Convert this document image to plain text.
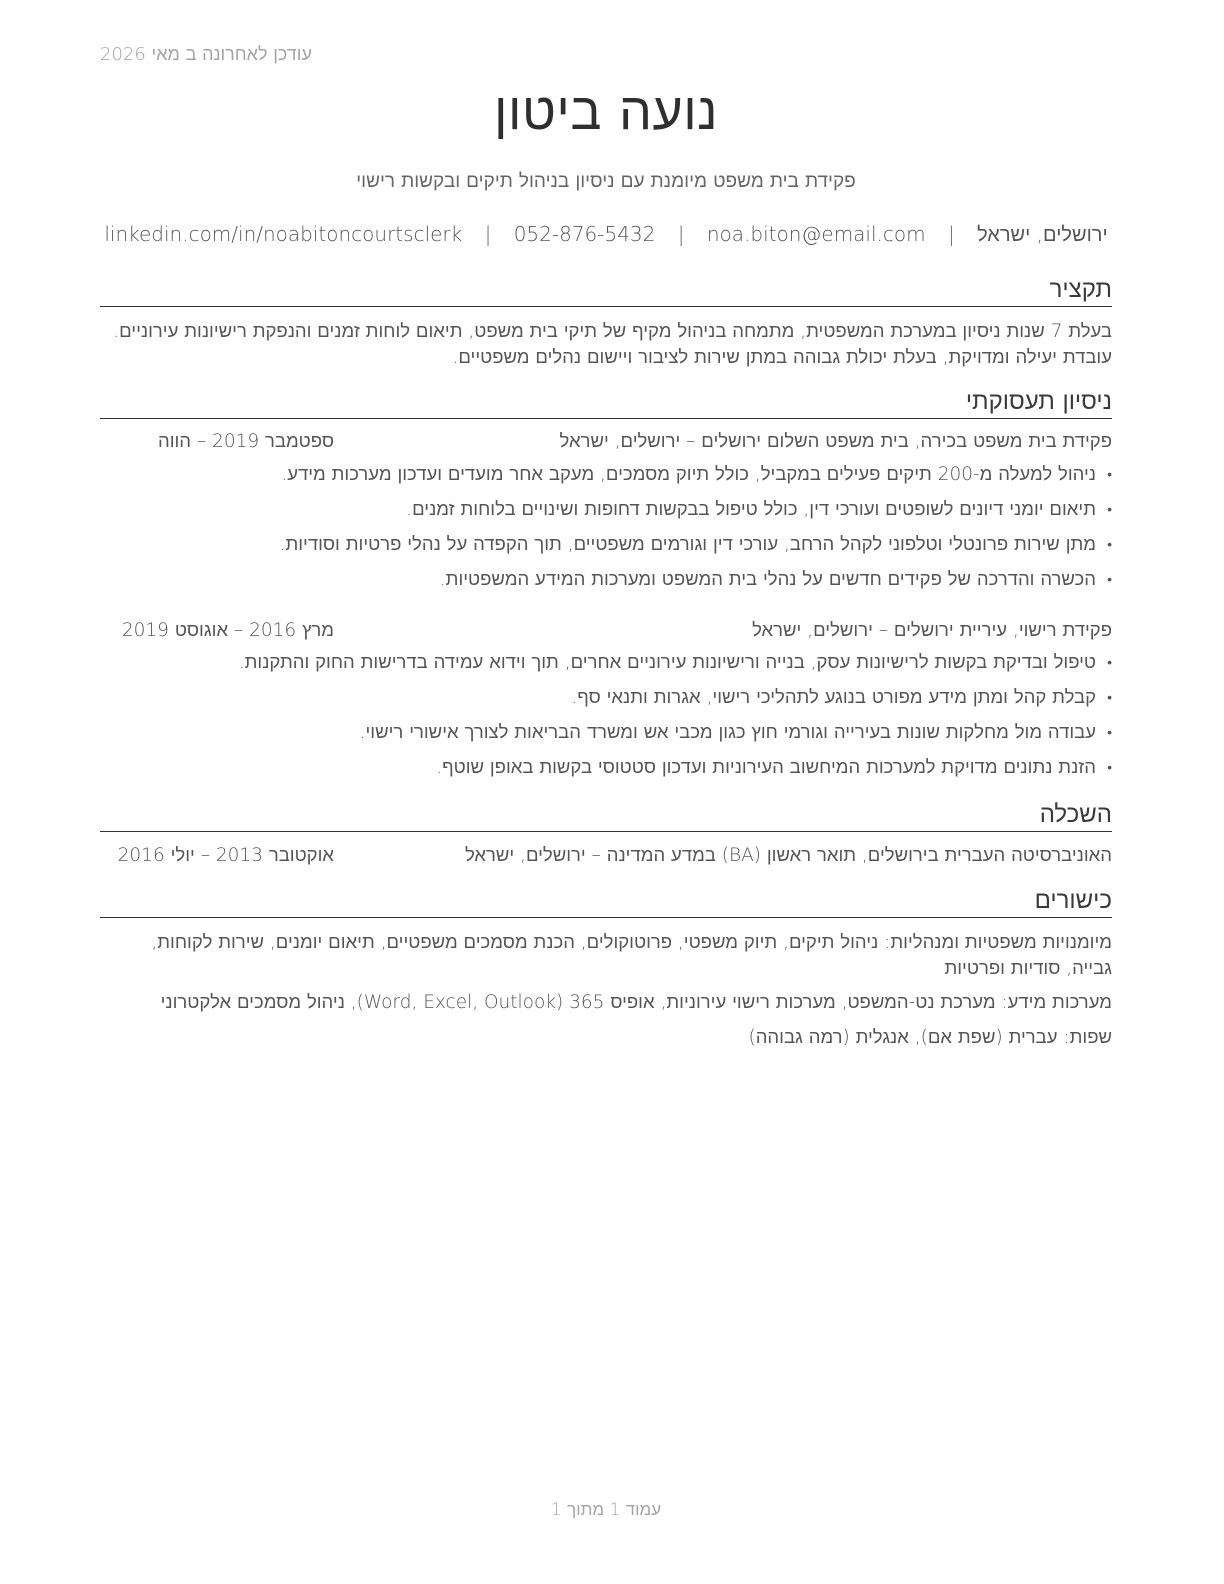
עודכן לאחרונה ב מאי 2026
נועה ביטון
פקידת בית משפט מיומנת עם ניסיון בניהול תיקים ובקשות רישוי
ירושלים, ישראל | noa.biton@email.com | 052-876-5432 | linkedin.com/in/noabitoncourtsclerk
תקציר
בעלת 7 שנות ניסיון במערכת המשפטית, מתמחה בניהול מקיף של תיקי בית משפט, תיאום לוחות זמנים והנפקת רישיונות עירוניים. עובדת יעילה ומדויקת, בעלת יכולת גבוהה במתן שירות לציבור ויישום נהלים משפטיים.
ניסיון תעסוקתי
פקידת בית משפט בכירה, בית משפט השלום ירושלים – ירושלים, ישראל
ספטמבר 2019 – הווה
•
ניהול למעלה מ-200 תיקים פעילים במקביל, כולל תיוק מסמכים, מעקב אחר מועדים ועדכון מערכות מידע.
•
תיאום יומני דיונים לשופטים ועורכי דין, כולל טיפול בבקשות דחופות ושינויים בלוחות זמנים.
•
מתן שירות פרונטלי וטלפוני לקהל הרחב, עורכי דין וגורמים משפטיים, תוך הקפדה על נהלי פרטיות וסודיות.
•
הכשרה והדרכה של פקידים חדשים על נהלי בית המשפט ומערכות המידע המשפטיות.
פקידת רישוי, עיריית ירושלים – ירושלים, ישראל
מרץ 2016 – אוגוסט 2019
•
טיפול ובדיקת בקשות לרישיונות עסק, בנייה ורישיונות עירוניים אחרים, תוך וידוא עמידה בדרישות החוק והתקנות.
•
קבלת קהל ומתן מידע מפורט בנוגע לתהליכי רישוי, אגרות ותנאי סף.
•
עבודה מול מחלקות שונות בעירייה וגורמי חוץ כגון מכבי אש ומשרד הבריאות לצורך אישורי רישוי.
•
הזנת נתונים מדויקת למערכות המיחשוב העירוניות ועדכון סטטוסי בקשות באופן שוטף.
השכלה
האוניברסיטה העברית בירושלים, תואר ראשון (BA) במדע המדינה – ירושלים, ישראל
אוקטובר 2013 – יולי 2016
כישורים
מיומנויות משפטיות ומנהליות: ניהול תיקים, תיוק משפטי, פרוטוקולים, הכנת מסמכים משפטיים, תיאום יומנים, שירות לקוחות, גבייה, סודיות ופרטיות
מערכות מידע: מערכת נט-המשפט, מערכות רישוי עירוניות, אופיס 365 (Word, Excel, Outlook), ניהול מסמכים אלקטרוני
שפות: עברית (שפת אם), אנגלית (רמה גבוהה)
עמוד 1 מתוך 1
